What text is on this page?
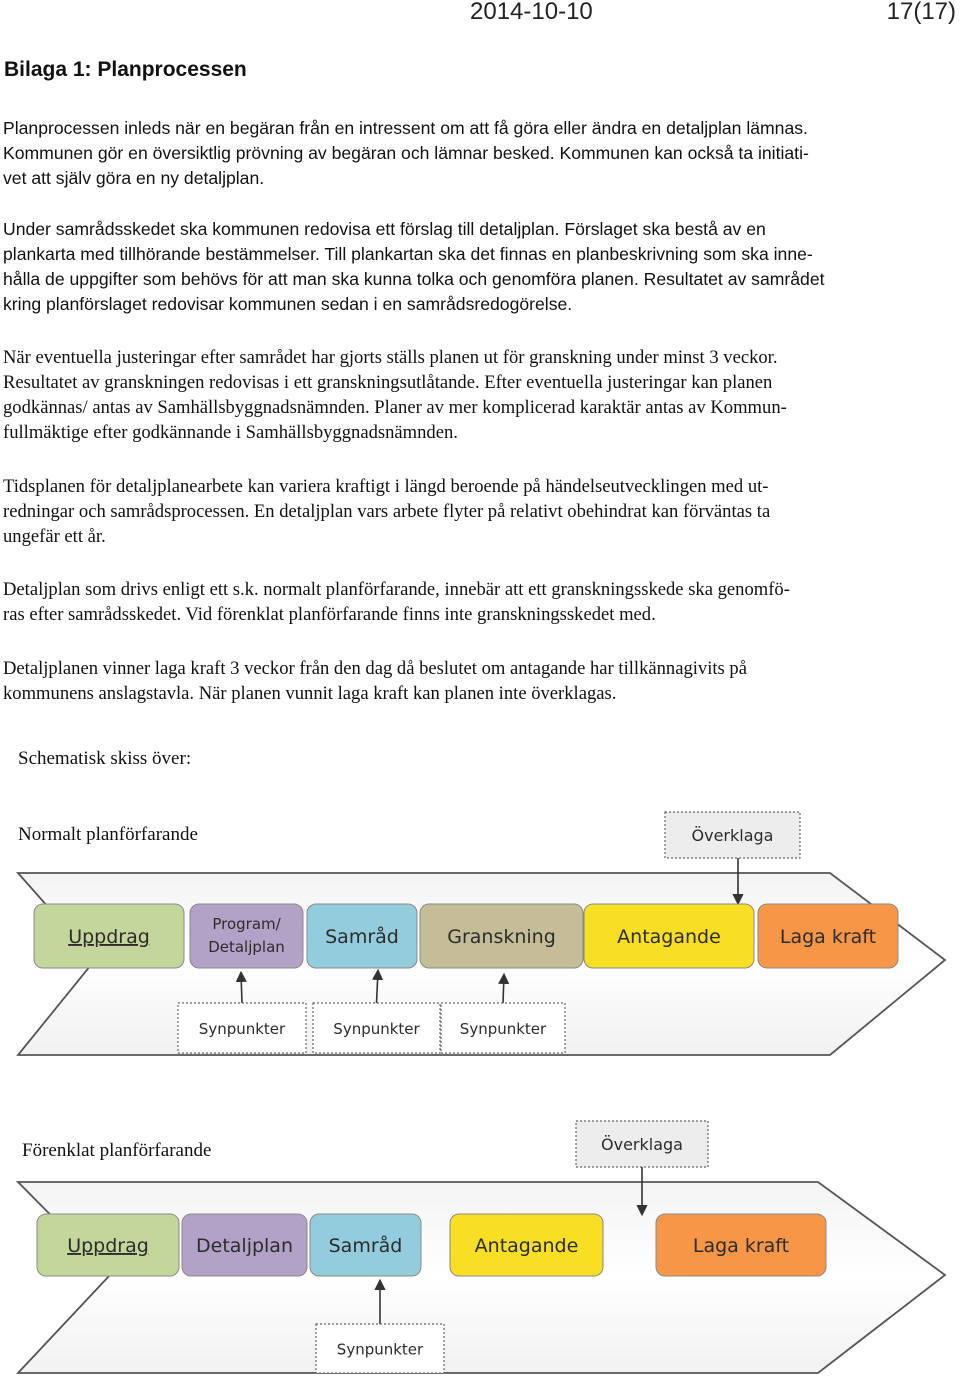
2014-10-10	17(17)
Bilaga 1: Planprocessen

Planprocessen inleds när en begäran från en intressent om att få göra eller ändra en detaljplan lämnas.
Kommunen gör en översiktlig prövning av begäran och lämnar besked. Kommunen kan också ta initiati-
vet att själv göra en ny detaljplan.

Under samrådsskedet ska kommunen redovisa ett förslag till detaljplan. Förslaget ska bestå av en
plankarta med tillhörande bestämmelser. Till plankartan ska det finnas en planbeskrivning som ska inne-
hålla de uppgifter som behövs för att man ska kunna tolka och genomföra planen. Resultatet av samrådet
kring planförslaget redovisar kommunen sedan i en samrådsredogörelse.

När eventuella justeringar efter samrådet har gjorts ställs planen ut för granskning under minst 3 veckor.
Resultatet av granskningen redovisas i ett granskningsutlåtande. Efter eventuella justeringar kan planen
godkännas/ antas av Samhällsbyggnadsnämnden. Planer av mer komplicerad karaktär antas av Kommun-
fullmäktige efter godkännande i Samhällsbyggnadsnämnden.

Tidsplanen för detaljplanearbete kan variera kraftigt i längd beroende på händelseutvecklingen med ut-
redningar och samrådsprocessen. En detaljplan vars arbete flyter på relativt obehindrat kan förväntas ta
ungefär ett år.

Detaljplan som drivs enligt ett s.k. normalt planförfarande, innebär att ett granskningsskede ska genomfö-
ras efter samrådsskedet. Vid förenklat planförfarande finns inte granskningsskedet med.

Detaljplanen vinner laga kraft 3 veckor från den dag då beslutet om antagande har tillkännagivits på
kommunens anslagstavla. När planen vunnit laga kraft kan planen inte överklagas.

Schematisk skiss över:
Normalt planförfarande	Överklaga
Uppdrag
Program/
Detaljplan Samråd	Granskning	Antagande	Laga kraft
Synpunkter	Synpunkter	Synpunkter
Förenklat planförfarande	Överklaga
Uppdrag Detaljplan Samråd	Antagande	Laga kraft
Synpunkter
